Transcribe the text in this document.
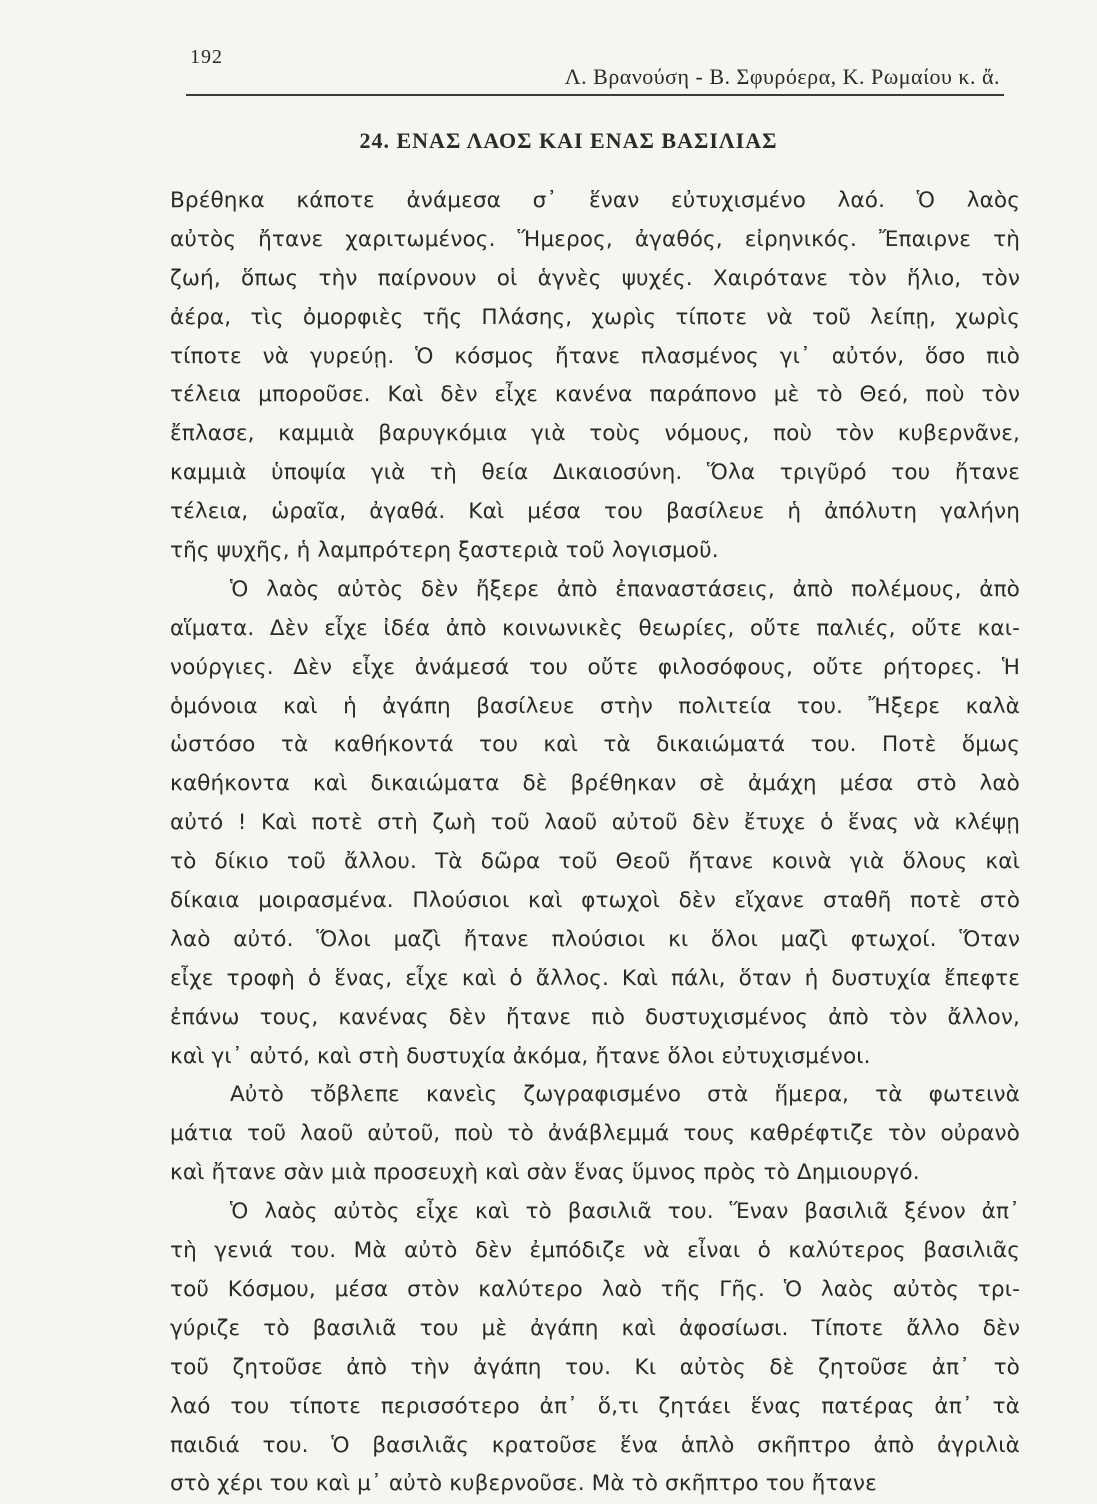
192
Λ. Βρανούση - Β. Σφυρόερα, Κ. Ρωμαίου κ. ἄ.
24. ΕΝΑΣ ΛΑΟΣ ΚΑΙ ΕΝΑΣ ΒΑΣΙΛΙΑΣ
Βρέθηκα κάποτε ἀνάμεσα σ᾽ ἕναν εὐτυχισμένο λαό. Ὁ λαὸς
αὐτὸς ἤτανε χαριτωμένος. Ἥμερος, ἀγαθός, εἰρηνικός. Ἔπαιρνε τὴ
ζωή, ὅπως τὴν παίρνουν οἱ ἁγνὲς ψυχές. Χαιρότανε τὸν ἥλιο, τὸν
ἀέρα, τὶς ὀμορφιὲς τῆς Πλάσης, χωρὶς τίποτε νὰ τοῦ λείπῃ, χωρὶς
τίποτε νὰ γυρεύῃ. Ὁ κόσμος ἤτανε πλασμένος γι᾽ αὐτόν, ὅσο πιὸ
τέλεια μποροῦσε. Καὶ δὲν εἶχε κανένα παράπονο μὲ τὸ Θεό, ποὺ τὸν
ἔπλασε, καμμιὰ βαρυγκόμια γιὰ τοὺς νόμους, ποὺ τὸν κυβερνᾶνε,
καμμιὰ ὑποψία γιὰ τὴ θεία Δικαιοσύνη. Ὅλα τριγῦρό του ἤτανε
τέλεια, ὡραῖα, ἀγαθά. Καὶ μέσα του βασίλευε ἡ ἀπόλυτη γαλήνη
τῆς ψυχῆς, ἡ λαμπρότερη ξαστεριὰ τοῦ λογισμοῦ.
Ὁ λαὸς αὐτὸς δὲν ἤξερε ἀπὸ ἐπαναστάσεις, ἀπὸ πολέμους, ἀπὸ
αἵματα. Δὲν εἶχε ἰδέα ἀπὸ κοινωνικὲς θεωρίες, οὔτε παλιές, οὔτε και-
νούργιες. Δὲν εἶχε ἀνάμεσά του οὔτε φιλοσόφους, οὔτε ρήτορες. Ἡ
ὁμόνοια καὶ ἡ ἀγάπη βασίλευε στὴν πολιτεία του. Ἤξερε καλὰ
ὡστόσο τὰ καθήκοντά του καὶ τὰ δικαιώματά του. Ποτὲ ὅμως
καθήκοντα καὶ δικαιώματα δὲ βρέθηκαν σὲ ἀμάχη μέσα στὸ λαὸ
αὐτό ! Καὶ ποτὲ στὴ ζωὴ τοῦ λαοῦ αὐτοῦ δὲν ἔτυχε ὁ ἕνας νὰ κλέψῃ
τὸ δίκιο τοῦ ἄλλου. Τὰ δῶρα τοῦ Θεοῦ ἤτανε κοινὰ γιὰ ὅλους καὶ
δίκαια μοιρασμένα. Πλούσιοι καὶ φτωχοὶ δὲν εἴχανε σταθῆ ποτὲ στὸ
λαὸ αὐτό. Ὅλοι μαζὶ ἤτανε πλούσιοι κι ὅλοι μαζὶ φτωχοί. Ὅταν
εἶχε τροφὴ ὁ ἕνας, εἶχε καὶ ὁ ἄλλος. Καὶ πάλι, ὅταν ἡ δυστυχία ἔπεφτε
ἐπάνω τους, κανένας δὲν ἤτανε πιὸ δυστυχισμένος ἀπὸ τὸν ἄλλον,
καὶ γι᾽ αὐτό, καὶ στὴ δυστυχία ἀκόμα, ἤτανε ὅλοι εὐτυχισμένοι.
Αὐτὸ τὄβλεπε κανεὶς ζωγραφισμένο στὰ ἥμερα, τὰ φωτεινὰ
μάτια τοῦ λαοῦ αὐτοῦ, ποὺ τὸ ἀνάβλεμμά τους καθρέφτιζε τὸν οὐρανὸ
καὶ ἤτανε σὰν μιὰ προσευχὴ καὶ σὰν ἕνας ὕμνος πρὸς τὸ Δημιουργό.
Ὁ λαὸς αὐτὸς εἶχε καὶ τὸ βασιλιᾶ του. Ἕναν βασιλιᾶ ξένον ἀπ᾽
τὴ γενιά του. Μὰ αὐτὸ δὲν ἐμπόδιζε νὰ εἶναι ὁ καλύτερος βασιλιᾶς
τοῦ Κόσμου, μέσα στὸν καλύτερο λαὸ τῆς Γῆς. Ὁ λαὸς αὐτὸς τρι-
γύριζε τὸ βασιλιᾶ του μὲ ἀγάπη καὶ ἀφοσίωσι. Τίποτε ἄλλο δὲν
τοῦ ζητοῦσε ἀπὸ τὴν ἀγάπη του. Κι αὐτὸς δὲ ζητοῦσε ἀπ᾽ τὸ
λαό του τίποτε περισσότερο ἀπ᾽ ὅ,τι ζητάει ἕνας πατέρας ἀπ᾽ τὰ
παιδιά του. Ὁ βασιλιᾶς κρατοῦσε ἕνα ἁπλὸ σκῆπτρο ἀπὸ ἀγριλιὰ
στὸ χέρι του καὶ μ᾽ αὐτὸ κυβερνοῦσε. Μὰ τὸ σκῆπτρο του ἤτανε
